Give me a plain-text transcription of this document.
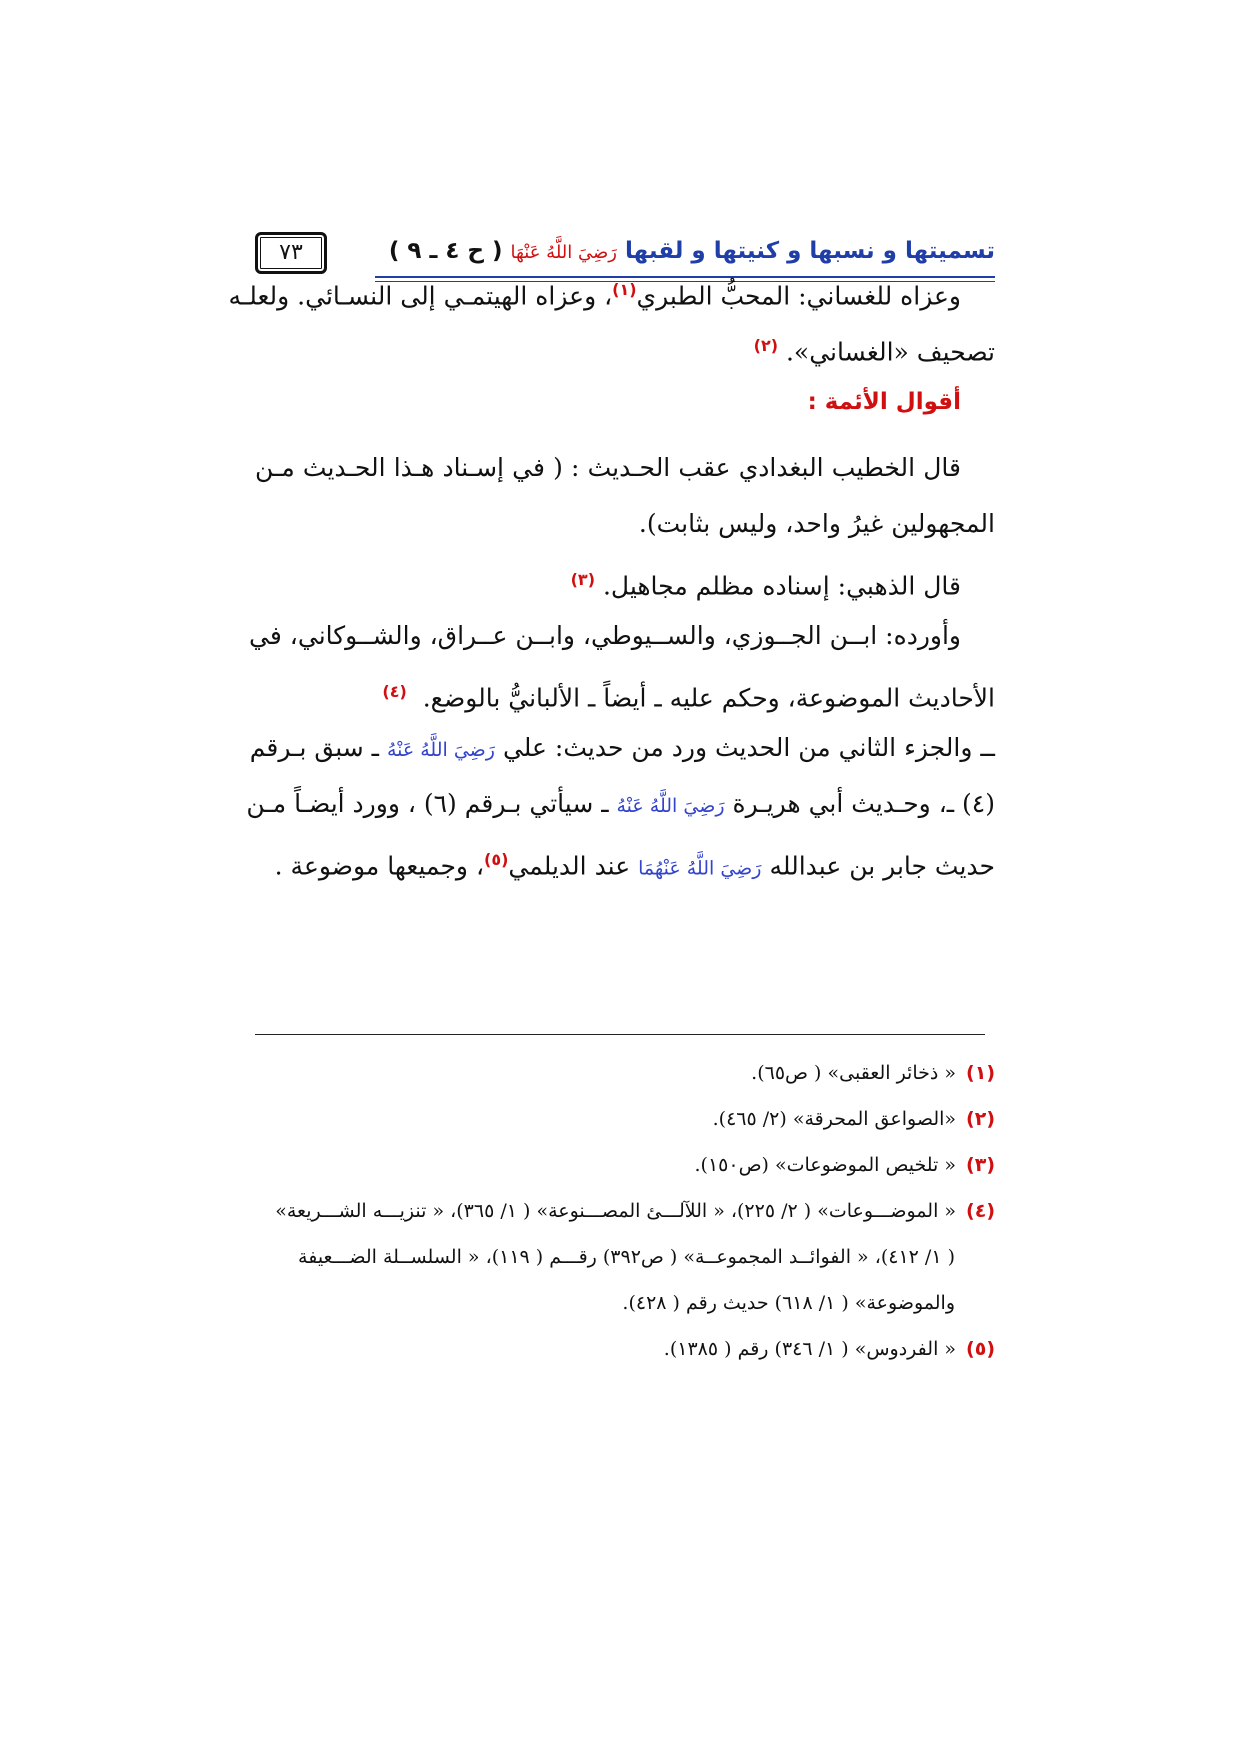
تسميتها و نسبها و كنيتها و لقبها رَضِيَ اللَّهُ عَنْهَا ( ح ٤ ـ ٩ )
٧٣
وعزاه للغساني: المحبُّ الطبري$^{(١)}$، وعزاه الهيتمـي إلى النسـائي. ولعلـه
تصحيف «الغساني». $^{(٢)}$
أقوال الأئمة :
قال الخطيب البغدادي عقب الحـديث : ( في إسـناد هـذا الحـديث مـن
المجهولين غيرُ واحد، وليس بثابت).
قال الذهبي: إسناده مظلم مجاهيل. $^{(٣)}$
وأورده: ابــن الجــوزي، والســيوطي، وابــن عــراق، والشــوكاني، في
الأحاديث الموضوعة، وحكم عليه ـ أيضاً ـ الألبانيُّ بالوضع.  $^{(٤)}$
ــ والجزء الثاني من الحديث ورد من حديث: علي رَضِيَ اللَّهُ عَنْهُ ـ سبق بـرقم
(٤) ـ، وحـديث أبي هريـرة رَضِيَ اللَّهُ عَنْهُ ـ سيأتي بـرقم (٦) ، وورد أيضـاً مـن
حديث جابر بن عبدالله رَضِيَ اللَّهُ عَنْهُمَا عند الديلمي$^{(٥)}$، وجميعها موضوعة .
(١)« ذخائر العقبى» ( ص٦٥).
(٢)«الصواعق المحرقة» (٢/ ٤٦٥).
(٣)« تلخيص الموضوعات» (ص١٥٠).
(٤)« الموضـــوعات» ( ٢/ ٢٢٥)، « اللآلـــئ المصـــنوعة» ( ١/ ٣٦٥)، « تنزيـــه الشـــريعة»
( ١/ ٤١٢)، « الفوائــد المجموعــة» ( ص٣٩٢) رقـــم ( ١١٩)، « السلســلة الضـــعيفة
والموضوعة» ( ١/ ٦١٨) حديث رقم ( ٤٢٨).
(٥)« الفردوس» ( ١/ ٣٤٦) رقم ( ١٣٨٥).
